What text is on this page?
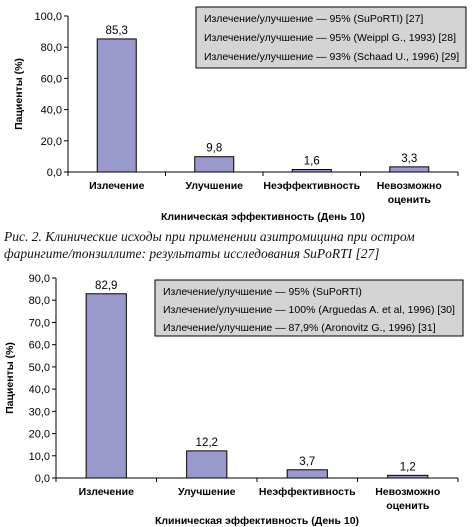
0,0
20,0
40,0
60,0
80,0
100,0
85,3
Излечение
9,8
Улучшение
1,6
Неэффективность
3,3
Невозможно
оценить
Клиническая эффективность (День 10)
Пациенты (%)
Излечение/улучшение — 95% (SuPoRTI) [27]
Излечение/улучшение — 95% (Weippl G., 1993) [28]
Излечение/улучшение — 93% (Schaad U., 1996) [29]
Рис. 2. Клинические исходы при применении азитромицина при остром фарингите/тонзиллите: результаты исследования SuPoRTI [27]
0,0
10,0
20,0
30,0
40,0
50,0
60,0
70,0
80,0
90,0
82,9
Излечение
12,2
Улучшение
3,7
Неэффективность
1,2
Невозможно
оценить
Клиническая эффективность (День 10)
Пациенты (%)
Излечение/улучшение — 95% (SuPoRTI)
Излечение/улучшение — 100% (Arguedas A. et al, 1996) [30]
Излечение/улучшение — 87,9% (Aronovitz G., 1996) [31]
